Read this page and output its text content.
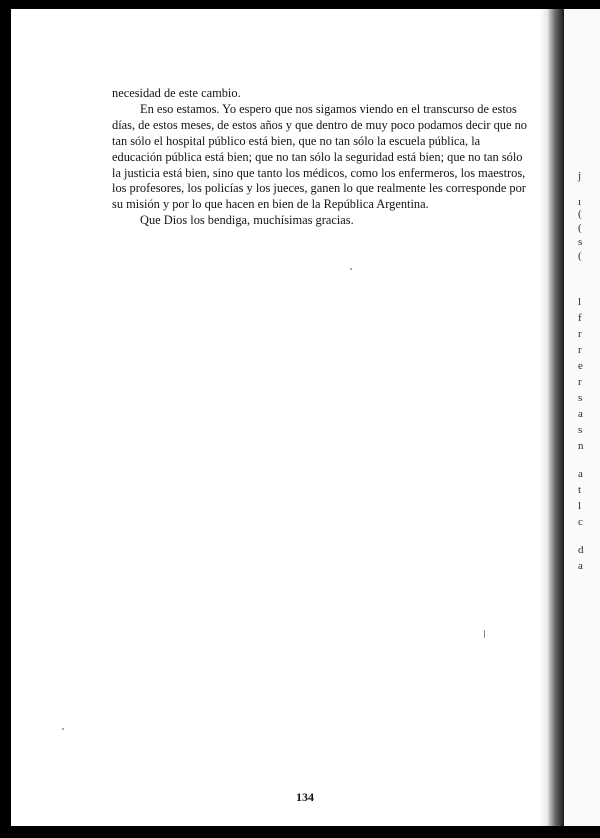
necesidad de este cambio.

En eso estamos. Yo espero que nos sigamos viendo en el transcurso de estos días, de estos meses, de estos años y que dentro de muy poco podamos decir que no tan sólo el hospital público está bien, que no tan sólo la escuela pública, la educación pública está bien; que no tan sólo la seguridad está bien; que no tan sólo la justicia está bien, sino que tanto los médicos, como los enfermeros, los maestros, los profesores, los policías y los jueces, ganen lo que realmente les corresponde por su misión y por lo que hacen en bien de la República Argentina.

Que Dios los bendiga, muchísimas gracias.

134
j
ı
(
(
s
(
l
f
r
r
e
r
s
a
s
n
a
t
l
c
d
a
